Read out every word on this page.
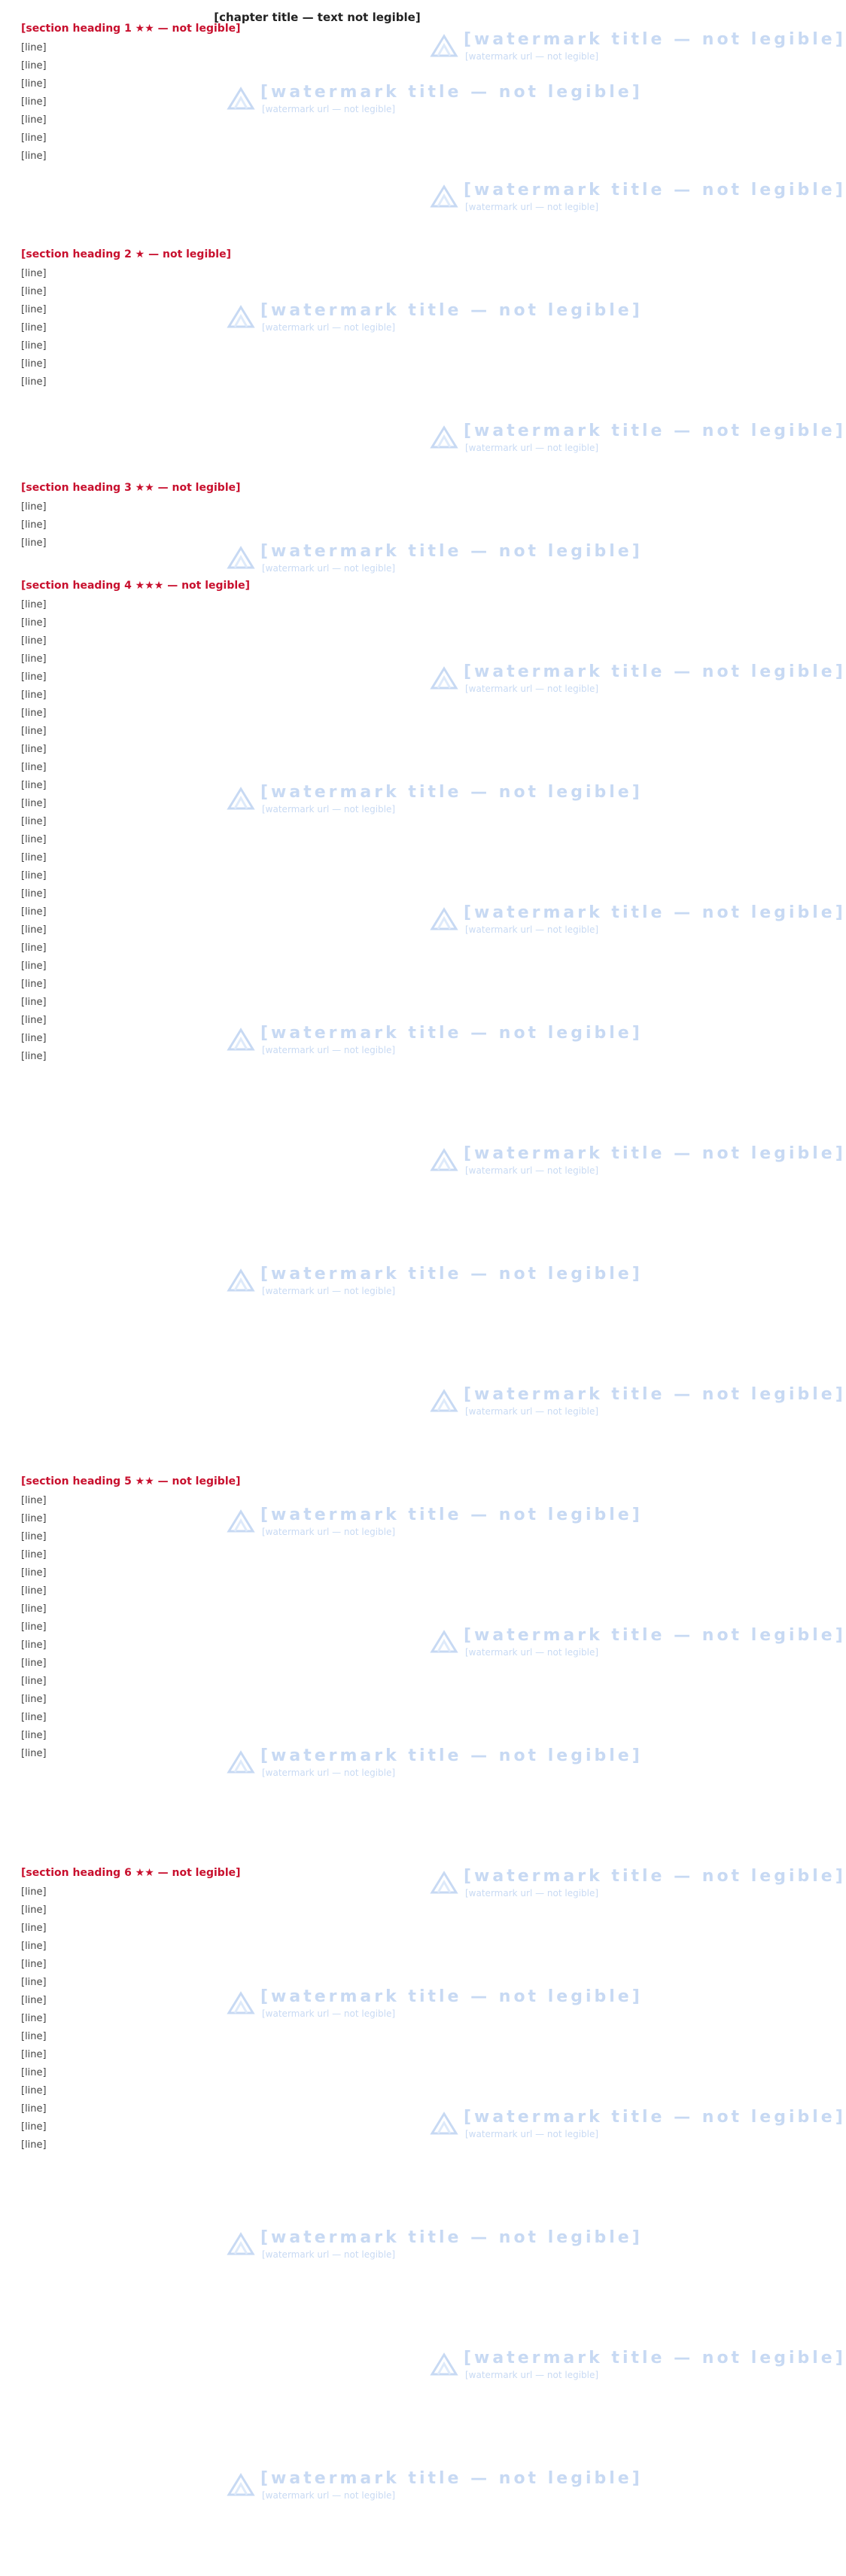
[chapter title — text not legible]
[section heading 1 ★★ — not legible]
[line]
[line]
[line]
[line]
[line]
[line]
[line]
[section heading 2 ★ — not legible]
[line]
[line]
[line]
[line]
[line]
[line]
[line]
[section heading 3 ★★ — not legible]
[line]
[line]
[line]
[section heading 4 ★★★ — not legible]
[line]
[line]
[line]
[line]
[line]
[line]
[line]
[line]
[line]
[line]
[line]
[line]
[line]
[line]
[line]
[line]
[line]
[line]
[line]
[line]
[line]
[line]
[line]
[line]
[line]
[line]
[section heading 5 ★★ — not legible]
[line]
[line]
[line]
[line]
[line]
[line]
[line]
[line]
[line]
[line]
[line]
[line]
[line]
[line]
[line]
[section heading 6 ★★ — not legible]
[line]
[line]
[line]
[line]
[line]
[line]
[line]
[line]
[line]
[line]
[line]
[line]
[line]
[line]
[line]
[watermark title — not legible]
[watermark url — not legible]
[watermark title — not legible]
[watermark url — not legible]
[watermark title — not legible]
[watermark url — not legible]
[watermark title — not legible]
[watermark url — not legible]
[watermark title — not legible]
[watermark url — not legible]
[watermark title — not legible]
[watermark url — not legible]
[watermark title — not legible]
[watermark url — not legible]
[watermark title — not legible]
[watermark url — not legible]
[watermark title — not legible]
[watermark url — not legible]
[watermark title — not legible]
[watermark url — not legible]
[watermark title — not legible]
[watermark url — not legible]
[watermark title — not legible]
[watermark url — not legible]
[watermark title — not legible]
[watermark url — not legible]
[watermark title — not legible]
[watermark url — not legible]
[watermark title — not legible]
[watermark url — not legible]
[watermark title — not legible]
[watermark url — not legible]
[watermark title — not legible]
[watermark url — not legible]
[watermark title — not legible]
[watermark url — not legible]
[watermark title — not legible]
[watermark url — not legible]
[watermark title — not legible]
[watermark url — not legible]
[watermark title — not legible]
[watermark url — not legible]
[watermark title — not legible]
[watermark url — not legible]
